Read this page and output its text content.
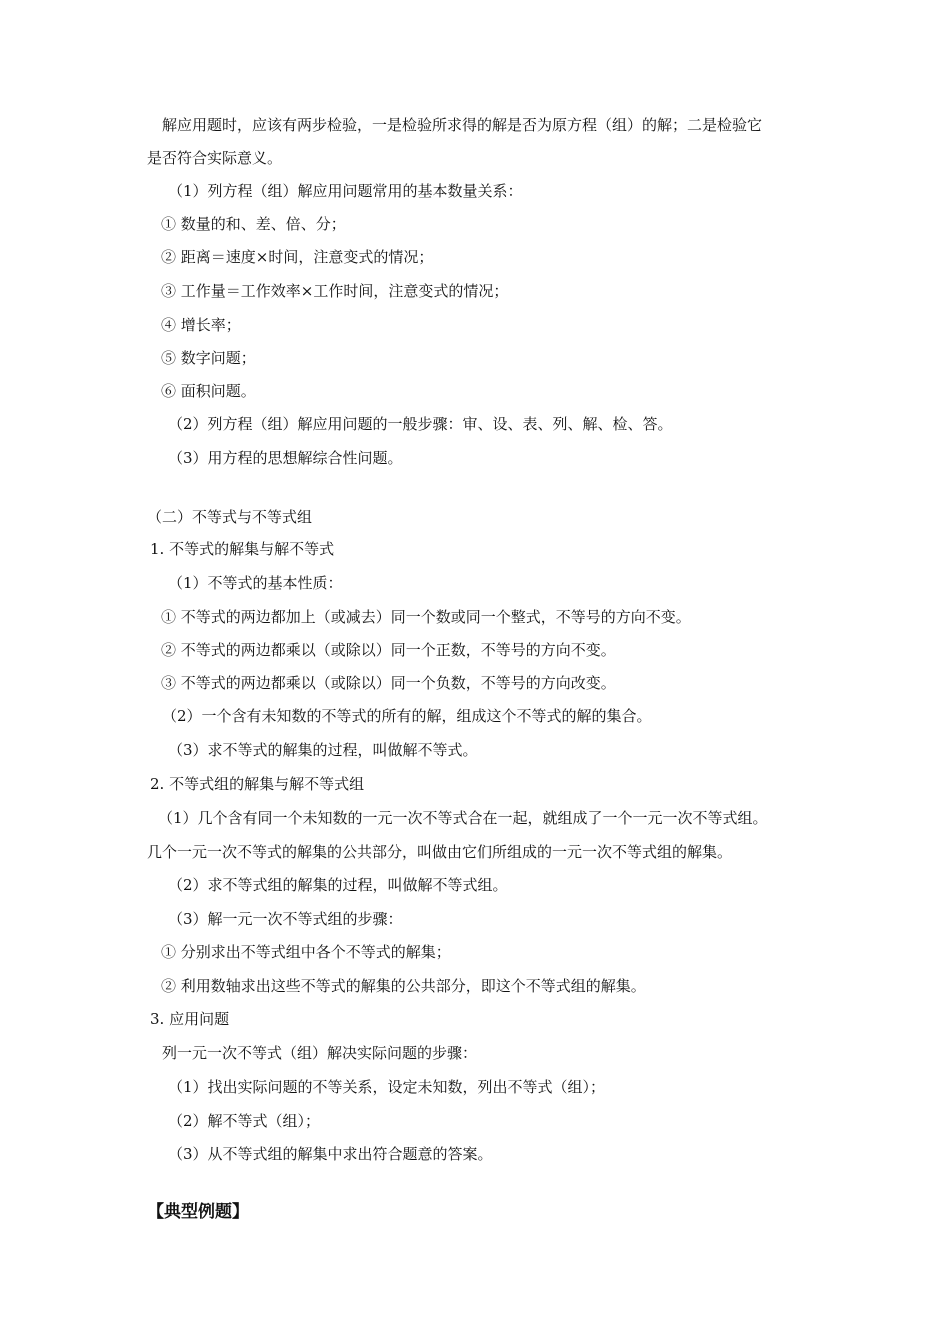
解应用题时，应该有两步检验，一是检验所求得的解是否为原方程（组）的解；二是检验它
是否符合实际意义。
（1）列方程（组）解应用问题常用的基本数量关系：
① 数量的和、差、倍、分；
② 距离＝速度×时间，注意变式的情况；
③ 工作量＝工作效率×工作时间，注意变式的情况；
④ 增长率；
⑤ 数字问题；
⑥ 面积问题。
（2）列方程（组）解应用问题的一般步骤：审、设、表、列、解、检、答。
（3）用方程的思想解综合性问题。
（二）不等式与不等式组
1. 不等式的解集与解不等式
（1）不等式的基本性质：
① 不等式的两边都加上（或减去）同一个数或同一个整式，不等号的方向不变。
② 不等式的两边都乘以（或除以）同一个正数，不等号的方向不变。
③ 不等式的两边都乘以（或除以）同一个负数，不等号的方向改变。
（2）一个含有未知数的不等式的所有的解，组成这个不等式的解的集合。
（3）求不等式的解集的过程，叫做解不等式。
2. 不等式组的解集与解不等式组
（1）几个含有同一个未知数的一元一次不等式合在一起，就组成了一个一元一次不等式组。
几个一元一次不等式的解集的公共部分，叫做由它们所组成的一元一次不等式组的解集。
（2）求不等式组的解集的过程，叫做解不等式组。
（3）解一元一次不等式组的步骤：
① 分别求出不等式组中各个不等式的解集；
② 利用数轴求出这些不等式的解集的公共部分，即这个不等式组的解集。
3. 应用问题
列一元一次不等式（组）解决实际问题的步骤：
（1）找出实际问题的不等关系，设定未知数，列出不等式（组）；
（2）解不等式（组）；
（3）从不等式组的解集中求出符合题意的答案。
【典型例题】
